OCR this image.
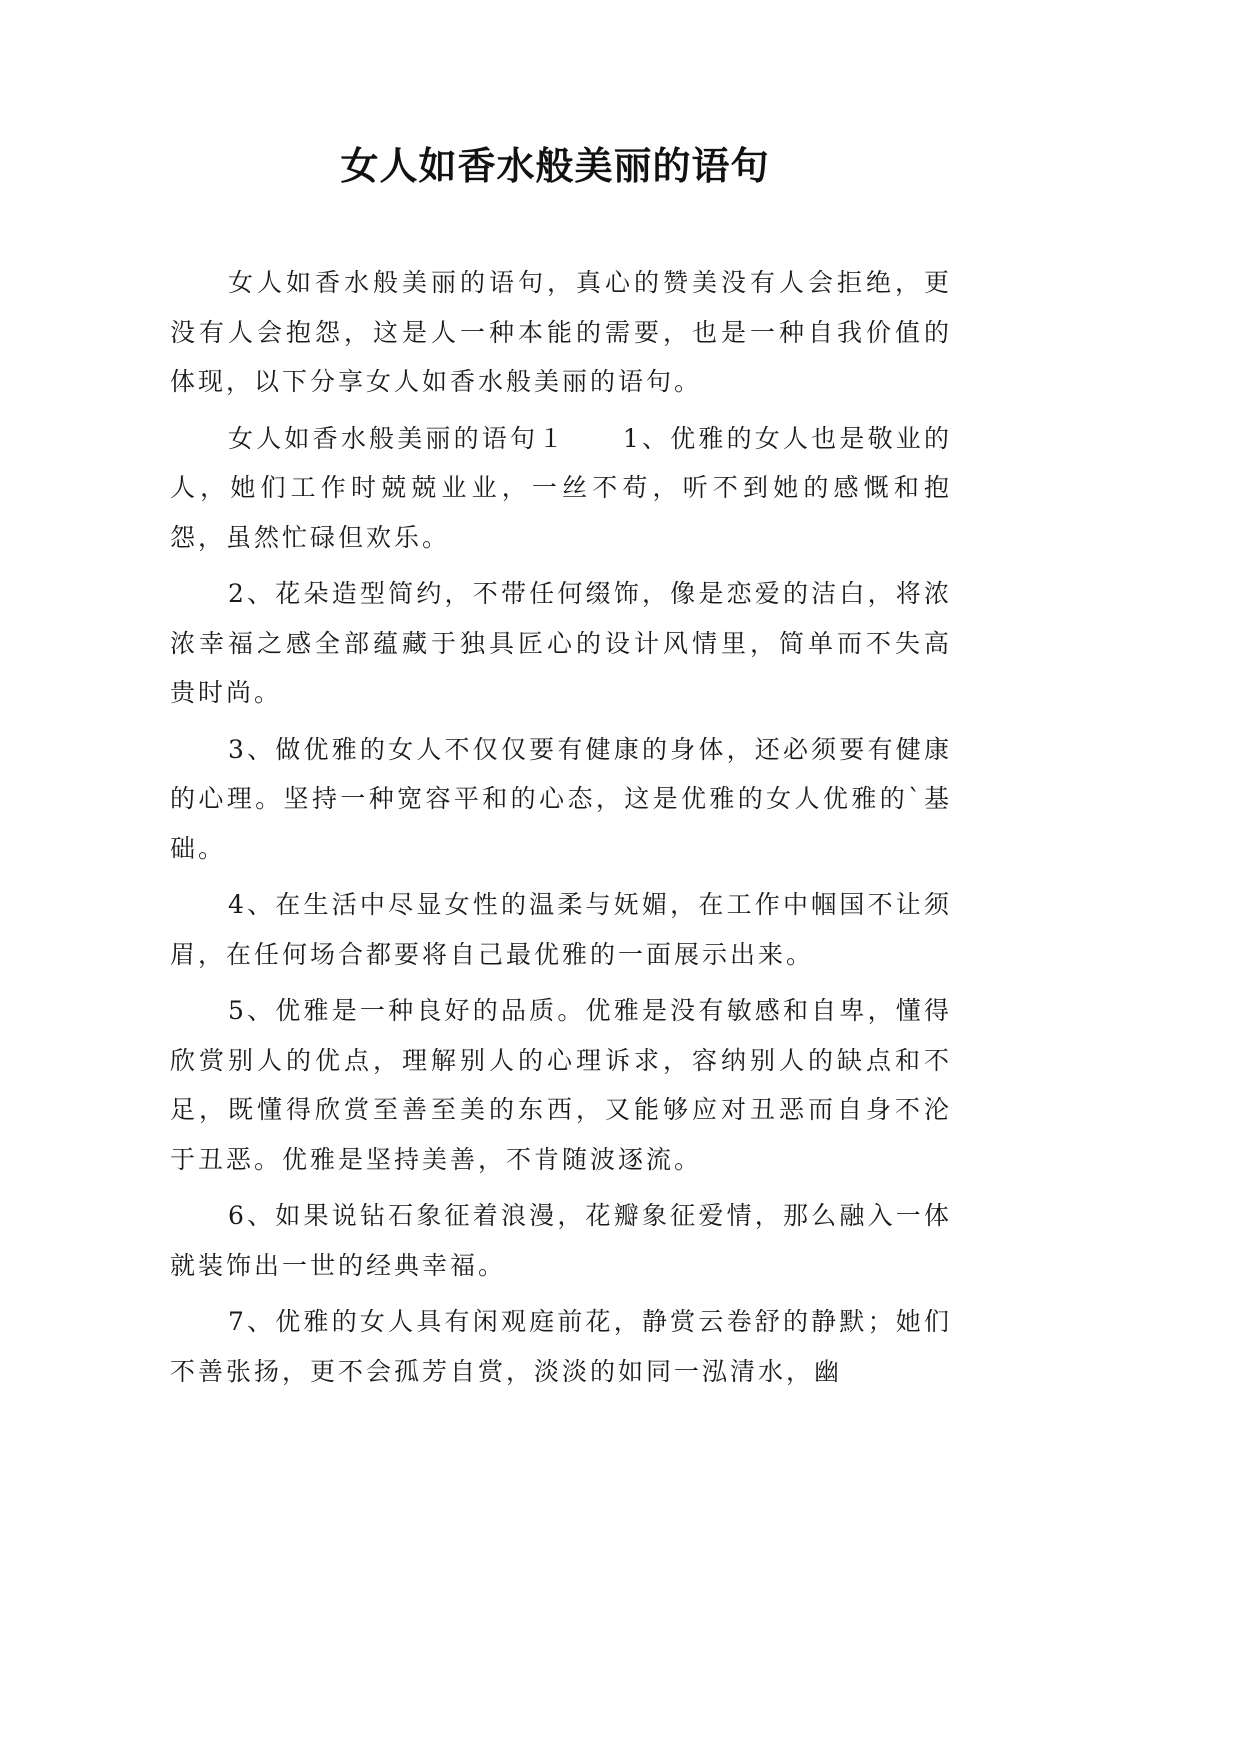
女人如香水般美丽的语句

女人如香水般美丽的语句，真心的赞美没有人会拒绝，更没有人会抱怨，这是人一种本能的需要，也是一种自我价值的体现，以下分享女人如香水般美丽的语句。

女人如香水般美丽的语句１　　1、优雅的女人也是敬业的人，她们工作时兢兢业业，一丝不苟，听不到她的感慨和抱怨，虽然忙碌但欢乐。

2、花朵造型简约，不带任何缀饰，像是恋爱的洁白，将浓浓幸福之感全部蕴藏于独具匠心的设计风情里，简单而不失高贵时尚。

3、做优雅的女人不仅仅要有健康的身体，还必须要有健康的心理。坚持一种宽容平和的心态，这是优雅的女人优雅的`基础。

4、在生活中尽显女性的温柔与妩媚，在工作中帼国不让须眉，在任何场合都要将自己最优雅的一面展示出来。

5、优雅是一种良好的品质。优雅是没有敏感和自卑，懂得欣赏别人的优点，理解别人的心理诉求，容纳别人的缺点和不足，既懂得欣赏至善至美的东西，又能够应对丑恶而自身不沦于丑恶。优雅是坚持美善，不肯随波逐流。

6、如果说钻石象征着浪漫，花瓣象征爱情，那么融入一体就装饰出一世的经典幸福。

7、优雅的女人具有闲观庭前花，静赏云卷舒的静默；她们不善张扬，更不会孤芳自赏，淡淡的如同一泓清水，幽
